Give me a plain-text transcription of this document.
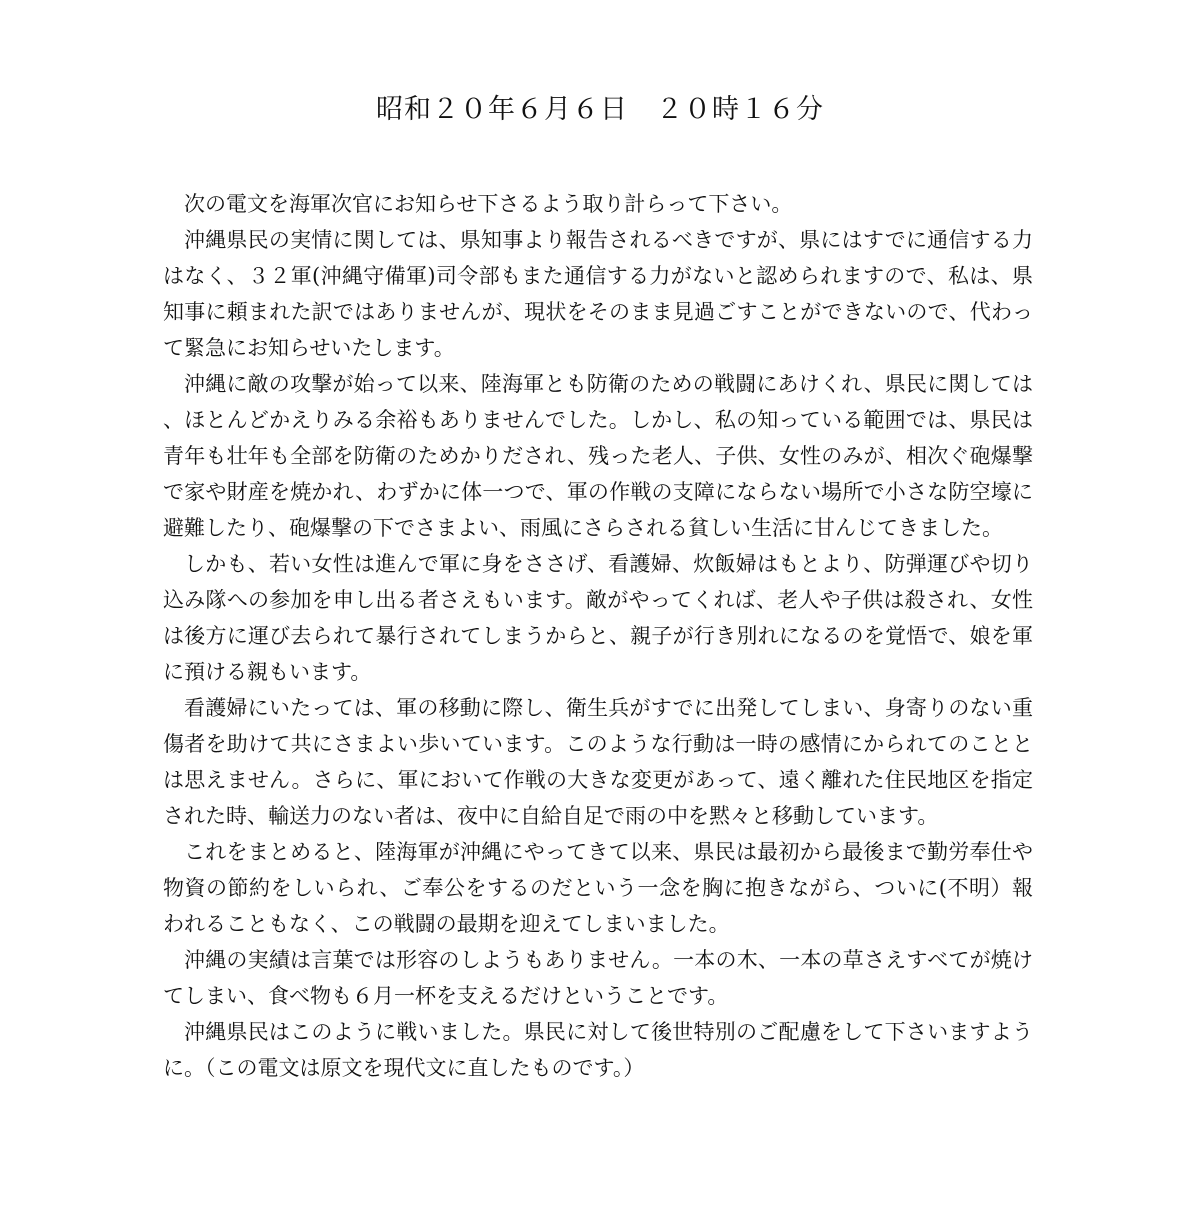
昭和２０年６月６日　２０時１６分

次の電文を海軍次官にお知らせ下さるよう取り計らって下さい。

沖縄県民の実情に関しては、県知事より報告されるべきですが、県にはすでに通信する力はなく、３２軍(沖縄守備軍)司令部もまた通信する力がないと認められますので、私は、県知事に頼まれた訳ではありませんが、現状をそのまま見過ごすことができないので、代わって緊急にお知らせいたします。

沖縄に敵の攻撃が始って以来、陸海軍とも防衛のための戦闘にあけくれ、県民に関しては、ほとんどかえりみる余裕もありませんでした。しかし、私の知っている範囲では、県民は青年も壮年も全部を防衛のためかりだされ、残った老人、子供、女性のみが、相次ぐ砲爆撃で家や財産を焼かれ、わずかに体一つで、軍の作戦の支障にならない場所で小さな防空壕に避難したり、砲爆撃の下でさまよい、雨風にさらされる貧しい生活に甘んじてきました。

しかも、若い女性は進んで軍に身をささげ、看護婦、炊飯婦はもとより、防弾運びや切り込み隊への参加を申し出る者さえもいます。敵がやってくれば、老人や子供は殺され、女性は後方に運び去られて暴行されてしまうからと、親子が行き別れになるのを覚悟で、娘を軍に預ける親もいます。

看護婦にいたっては、軍の移動に際し、衛生兵がすでに出発してしまい、身寄りのない重傷者を助けて共にさまよい歩いています。このような行動は一時の感情にかられてのこととは思えません。さらに、軍において作戦の大きな変更があって、遠く離れた住民地区を指定された時、輸送力のない者は、夜中に自給自足で雨の中を黙々と移動しています。

これをまとめると、陸海軍が沖縄にやってきて以来、県民は最初から最後まで勤労奉仕や物資の節約をしいられ、ご奉公をするのだという一念を胸に抱きながら、ついに(不明）報われることもなく、この戦闘の最期を迎えてしまいました。

沖縄の実績は言葉では形容のしようもありません。一本の木、一本の草さえすべてが焼けてしまい、食べ物も６月一杯を支えるだけということです。

沖縄県民はこのように戦いました。県民に対して後世特別のご配慮をして下さいますように。（この電文は原文を現代文に直したものです。）
